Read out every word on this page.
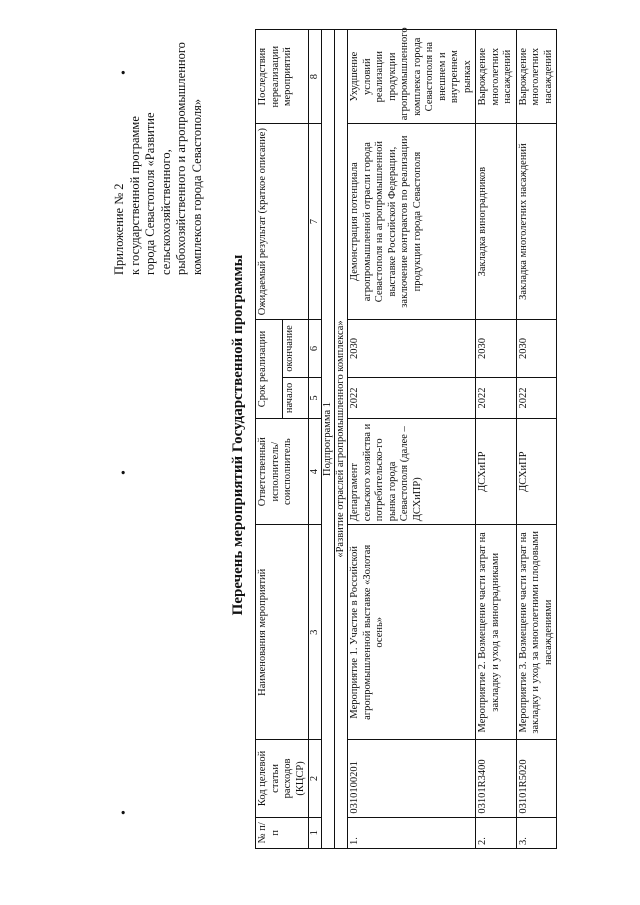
•
•
•
Приложение № 2 к государственной программе города Севастополя «Развитие сельскохозяйственного, рыбохозяйственного и агропромышленного комплексов города Севастополя»
Перечень мероприятий Государственной программы
№ п/п	Код целевой статьи расходов (КЦСР)	Наименования мероприятий	Ответственный исполнитель/ соисполнитель	Срок реализации		Ожидаемый результат (краткое описание)	Последствия нереализации мероприятий
				начало	окончание		
1	2	3	4	5	6	7	8
Подпрограмма 1							
«Развитие отраслей агропромышленного комплекса»							
1.	0310100201	Мероприятие 1. Участие в Российской агропромышленной выставке «Золотая осень»	Департамент сельского хозяйства и потребительско-го рынка города Севастополя (далее – ДСХиПР)	2022	2030	Демонстрация потенциала агропромышленной отрасли города Севастополя на агропромышленной выставке Российской Федерации, заключение контрактов по реализации продукции города Севастополя	Ухудшение условий реализации продукции агропромышленного комплекса города Севастополя на внешнем и внутреннем рынках
2.	03101R3400	Мероприятие 2. Возмещение части затрат на закладку и уход за виноградниками	ДСХиПР	2022	2030	Закладка виноградников	Вырождение многолетних насаждений
3.	03101R5020	Мероприятие 3. Возмещение части затрат на закладку и уход за многолетними плодовыми насаждениями	ДСХиПР	2022	2030	Закладка многолетних насаждений	Вырождение многолетних насаждений
